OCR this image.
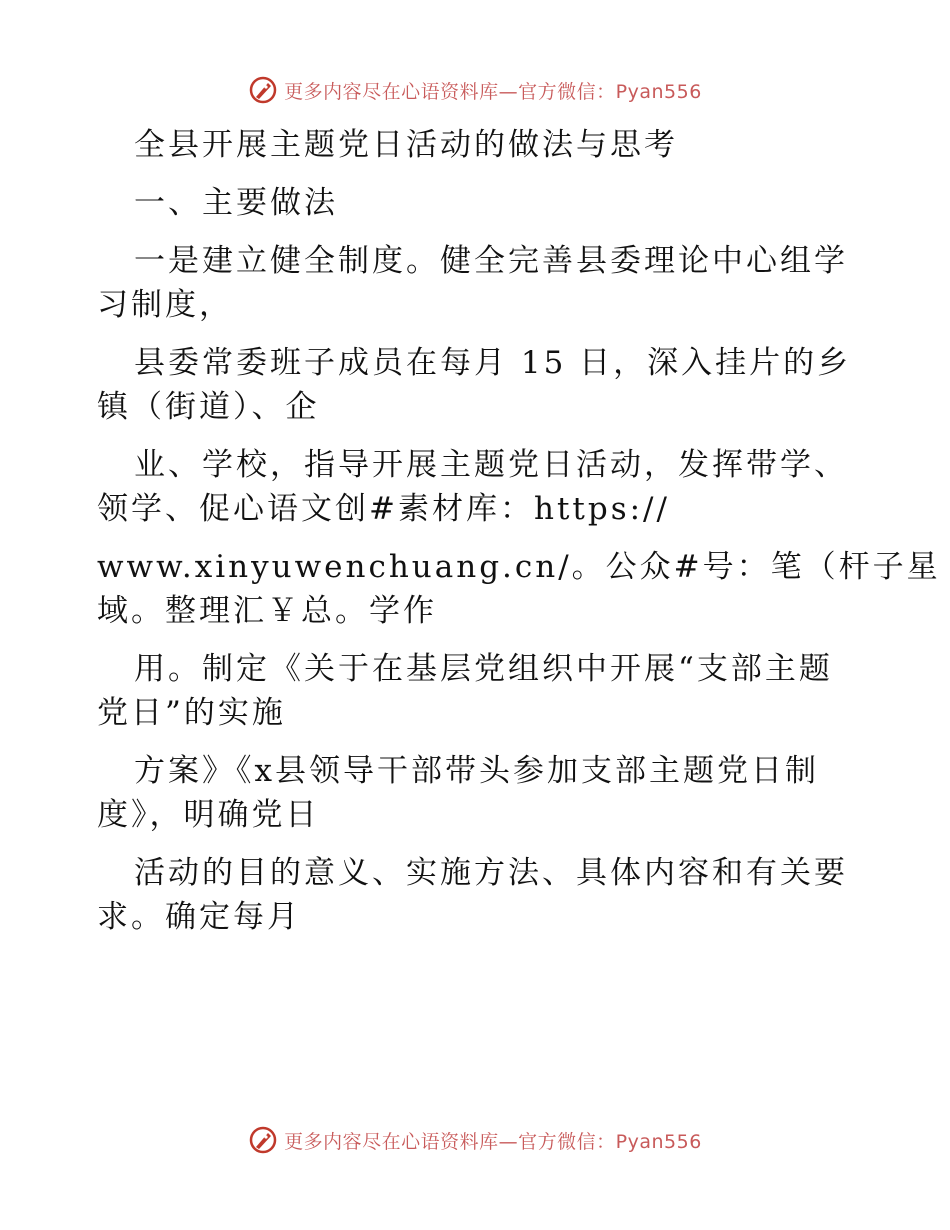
更多内容尽在心语资料库—官方微信：Pyan556

全县开展主题党日活动的做法与思考

一、主要做法

一是建立健全制度。健全完善县委理论中心组学

习制度，

县委常委班子成员在每月 15 日，深入挂片的乡

镇（街道）、企

业、学校，指导开展主题党日活动，发挥带学、

领学、促心语文创#素材库：https://

www.xinyuwenchuang.cn/。公众#号：笔（杆子星

域。整理汇￥总。学作

用。制定《关于在基层党组织中开展“支部主题

党日”的实施

方案》《x县领导干部带头参加支部主题党日制

度》，明确党日

活动的目的意义、实施方法、具体内容和有关要

求。确定每月

更多内容尽在心语资料库—官方微信：Pyan556
